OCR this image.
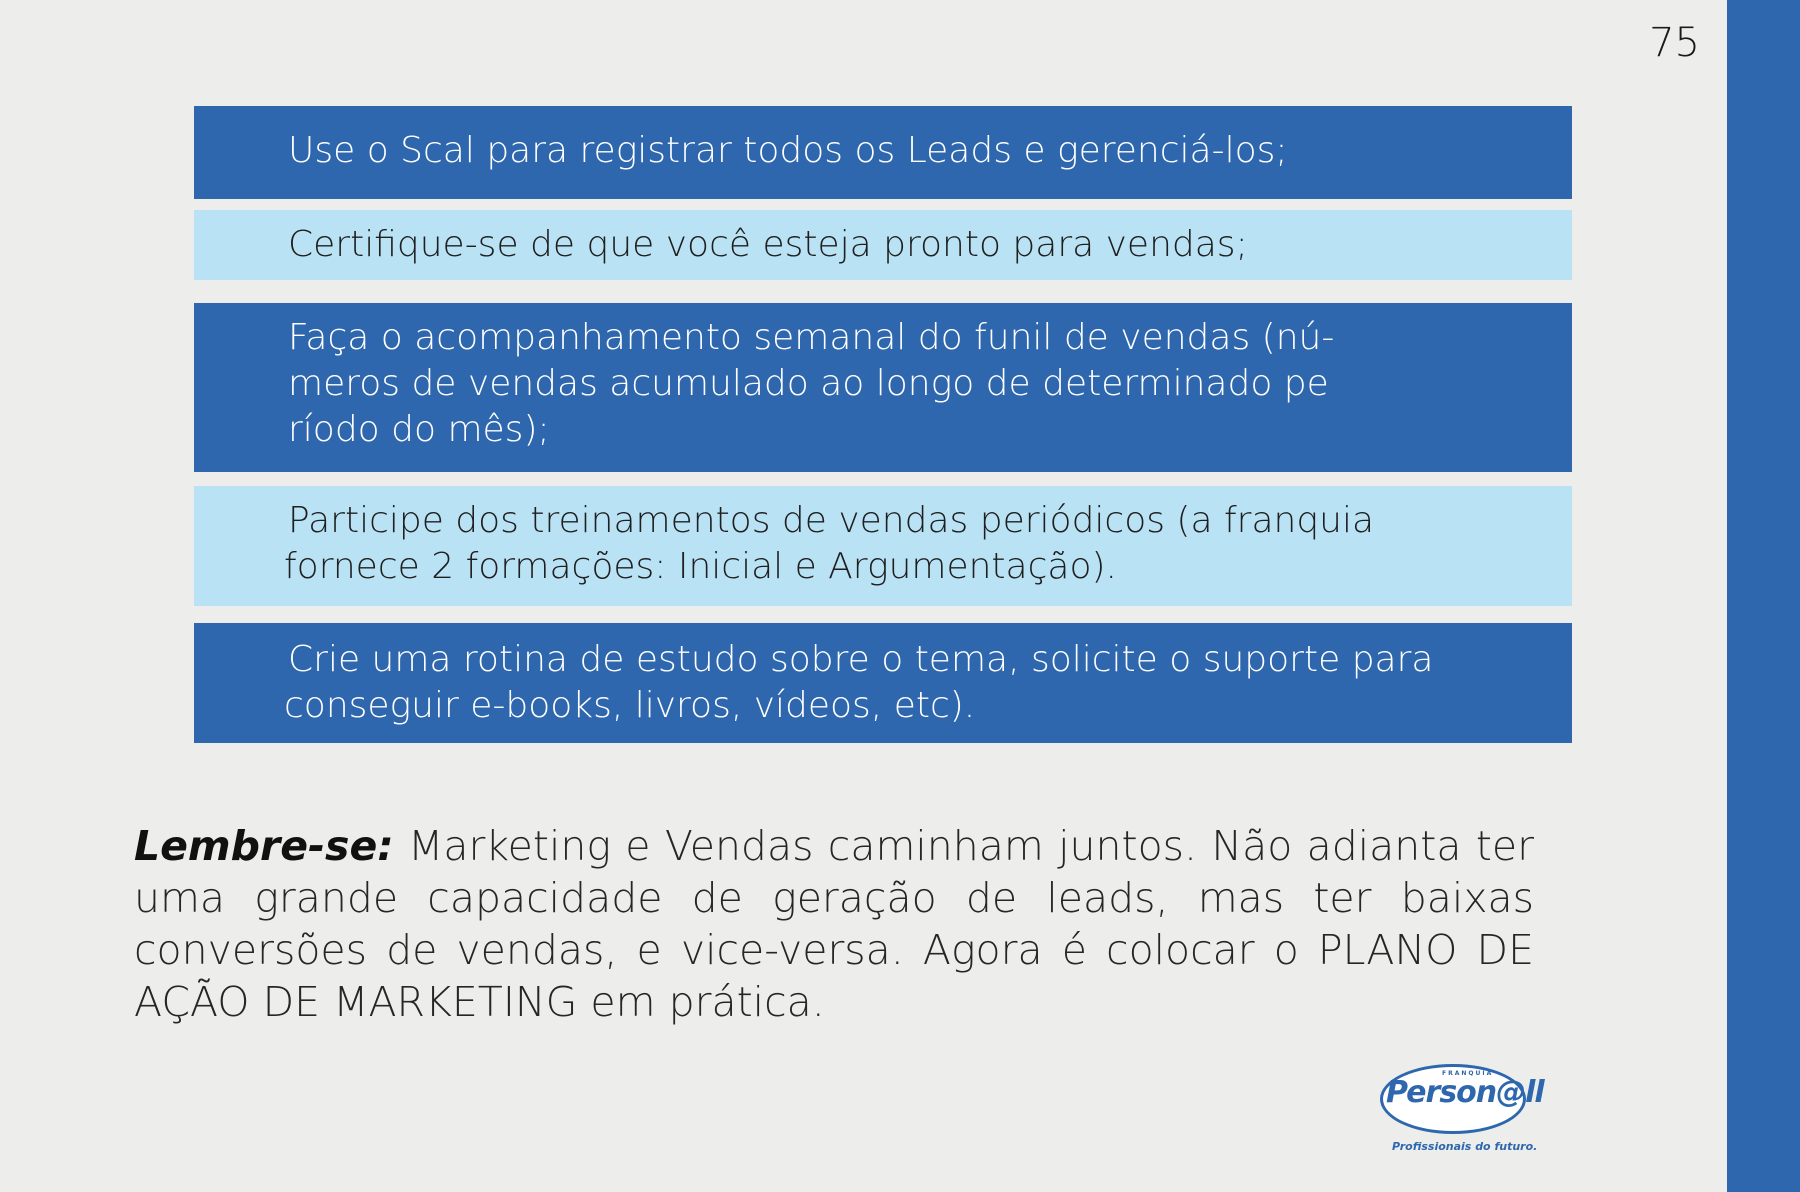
75
Use o Scal para registrar todos os Leads e gerenciá-los;
Certifique-se de que você esteja pronto para vendas;
Faça o acompanhamento semanal do funil de vendas (nú-
meros de vendas acumulado ao longo de determinado pe
ríodo do mês);
Participe dos treinamentos de vendas periódicos (a franquia
fornece 2 formações: Inicial e Argumentação).
Crie uma rotina de estudo sobre o tema, solicite o suporte para
conseguir e-books, livros, vídeos, etc).
Lembre-se: Marketing e Vendas caminham juntos. Não adianta ter uma grande capacidade de geração de leads, mas ter baixas conversões de vendas, e vice-versa. Agora é colocar o PLANO DE AÇÃO DE MARKETING em prática.
FRANQUIA
Person@ll
Profissionais do futuro.
